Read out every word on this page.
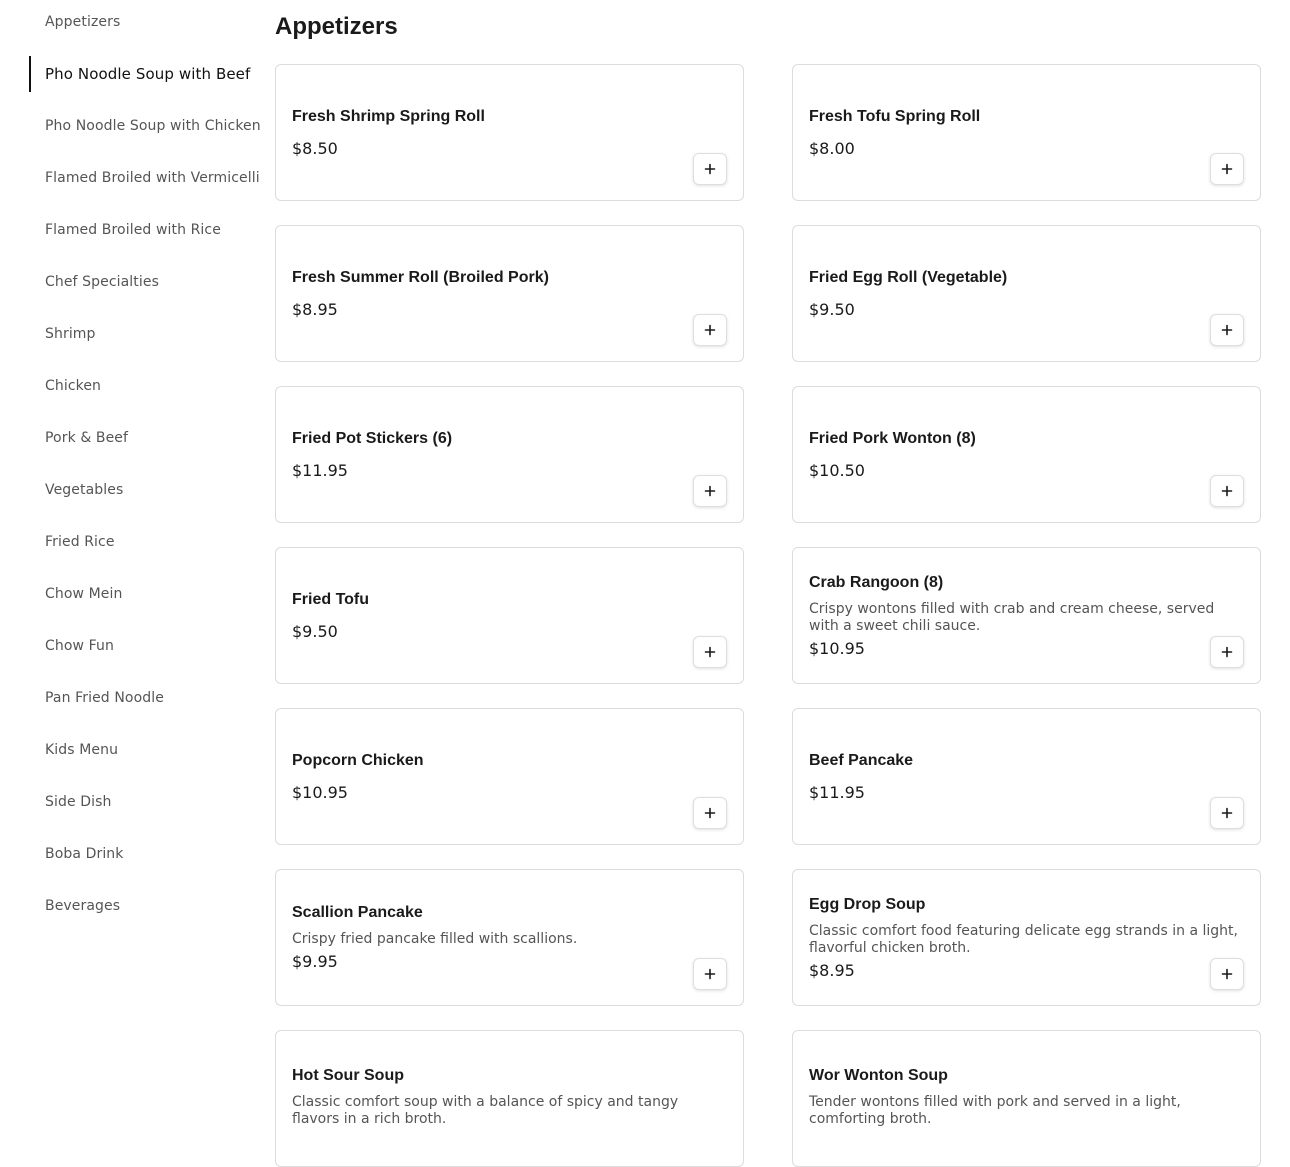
Appetizers
Pho Noodle Soup with Beef
Pho Noodle Soup with Chicken
Flamed Broiled with Vermicelli
Flamed Broiled with Rice
Chef Specialties
Shrimp
Chicken
Pork & Beef
Vegetables
Fried Rice
Chow Mein
Chow Fun
Pan Fried Noodle
Kids Menu
Side Dish
Boba Drink
Beverages
Appetizers
Fresh Shrimp Spring Roll
$8.50
Fresh Tofu Spring Roll
$8.00
Fresh Summer Roll (Broiled Pork)
$8.95
Fried Egg Roll (Vegetable)
$9.50
Fried Pot Stickers (6)
$11.95
Fried Pork Wonton (8)
$10.50
Fried Tofu
$9.50
Crab Rangoon (8)
Crispy wontons filled with crab and cream cheese, served with a sweet chili sauce.
$10.95
Popcorn Chicken
$10.95
Beef Pancake
$11.95
Scallion Pancake
Crispy fried pancake filled with scallions.
$9.95
Egg Drop Soup
Classic comfort food featuring delicate egg strands in a light, flavorful chicken broth.
$8.95
Hot Sour Soup
Classic comfort soup with a balance of spicy and tangy flavors in a rich broth.
Wor Wonton Soup
Tender wontons filled with pork and served in a light, comforting broth.
